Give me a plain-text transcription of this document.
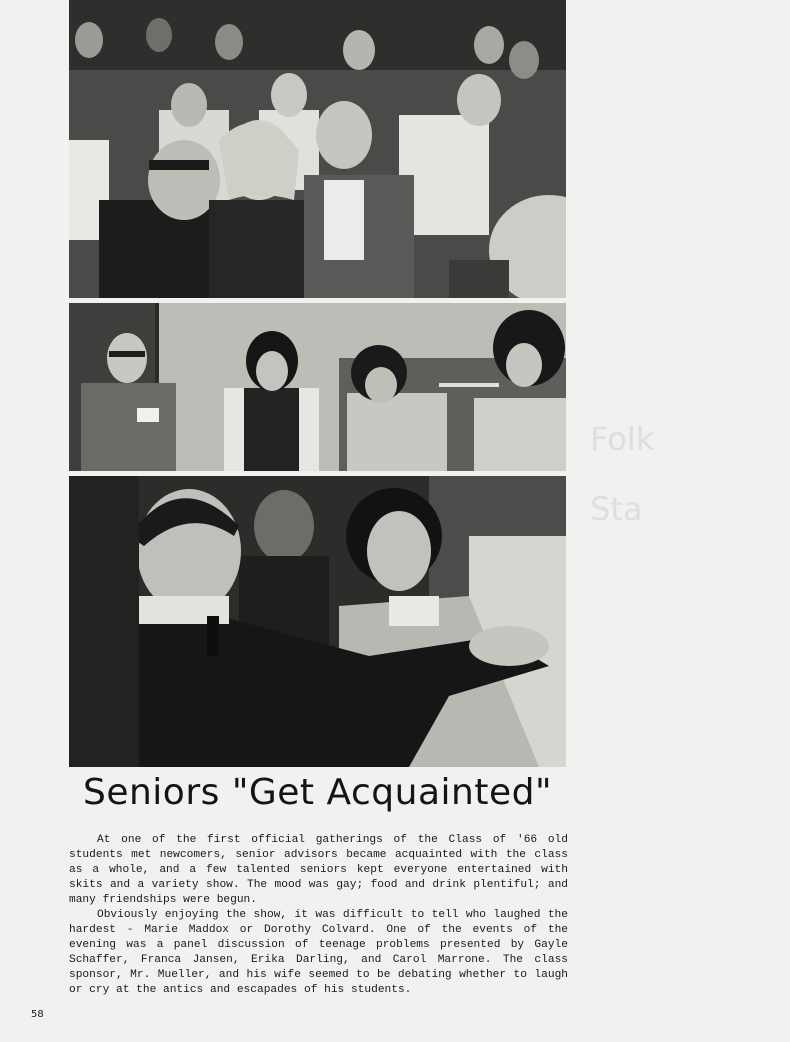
Folk
Sta
Seniors "Get Acquainted"

At one of the first official gatherings of the Class of '66 old students met newcomers, senior advisors became acquainted with the class as a whole, and a few talented seniors kept everyone entertained with skits and a variety show. The mood was gay; food and drink plentiful; and many friendships were begun.

Obviously enjoying the show, it was difficult to tell who laughed the hardest - Marie Maddox or Dorothy Colvard. One of the events of the evening was a panel discussion of teenage problems presented by Gayle Schaffer, Franca Jansen, Erika Darling, and Carol Marrone. The class sponsor, Mr. Mueller, and his wife seemed to be debating whether to laugh or cry at the antics and escapades of his students.

58
